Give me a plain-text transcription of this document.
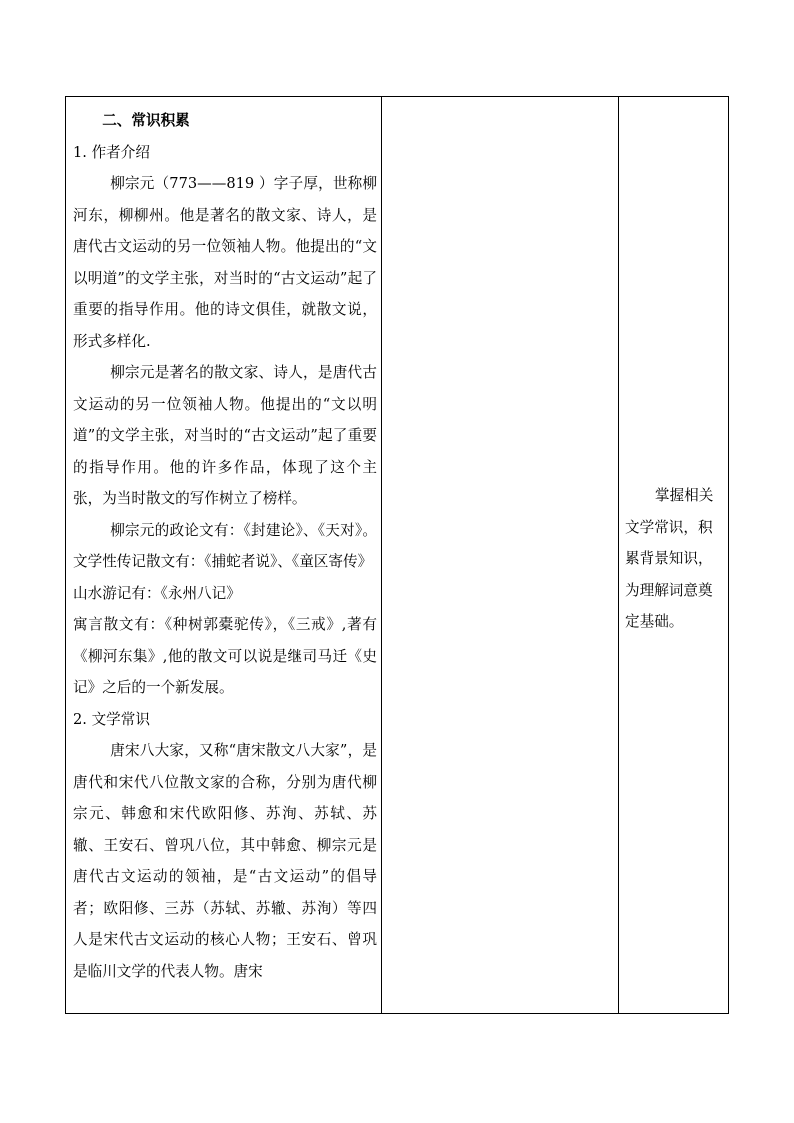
二、常识积累

1. 作者介绍

柳宗元（773——819 ）字子厚，世称柳河东，柳柳州。他是著名的散文家、诗人，是唐代古文运动的另一位领袖人物。他提出的“文以明道”的文学主张，对当时的“古文运动”起了重要的指导作用。他的诗文俱佳，就散文说，形式多样化.

柳宗元是著名的散文家、诗人，是唐代古文运动的另一位领袖人物。他提出的“文以明道”的文学主张，对当时的“古文运动”起了重要的指导作用。他的许多作品，体现了这个主张，为当时散文的写作树立了榜样。

柳宗元的政论文有：《封建论》、《天对》。文学性传记散文有：《捕蛇者说》、《童区寄传》

山水游记有：《永州八记》

寓言散文有：《种树郭橐驼传》，《三戒》,著有《柳河东集》,他的散文可以说是继司马迁《史记》之后的一个新发展。

2. 文学常识

唐宋八大家，又称“唐宋散文八大家”，是唐代和宋代八位散文家的合称，分别为唐代柳宗元、韩愈和宋代欧阳修、苏洵、苏轼、苏辙、王安石、曾巩八位，其中韩愈、柳宗元是唐代古文运动的领袖，是“古文运动”的倡导者；欧阳修、三苏（苏轼、苏辙、苏洵）等四人是宋代古文运动的核心人物；王安石、曾巩是临川文学的代表人物。唐宋

掌握相关文学常识，积累背景知识，为理解词意奠定基础。
